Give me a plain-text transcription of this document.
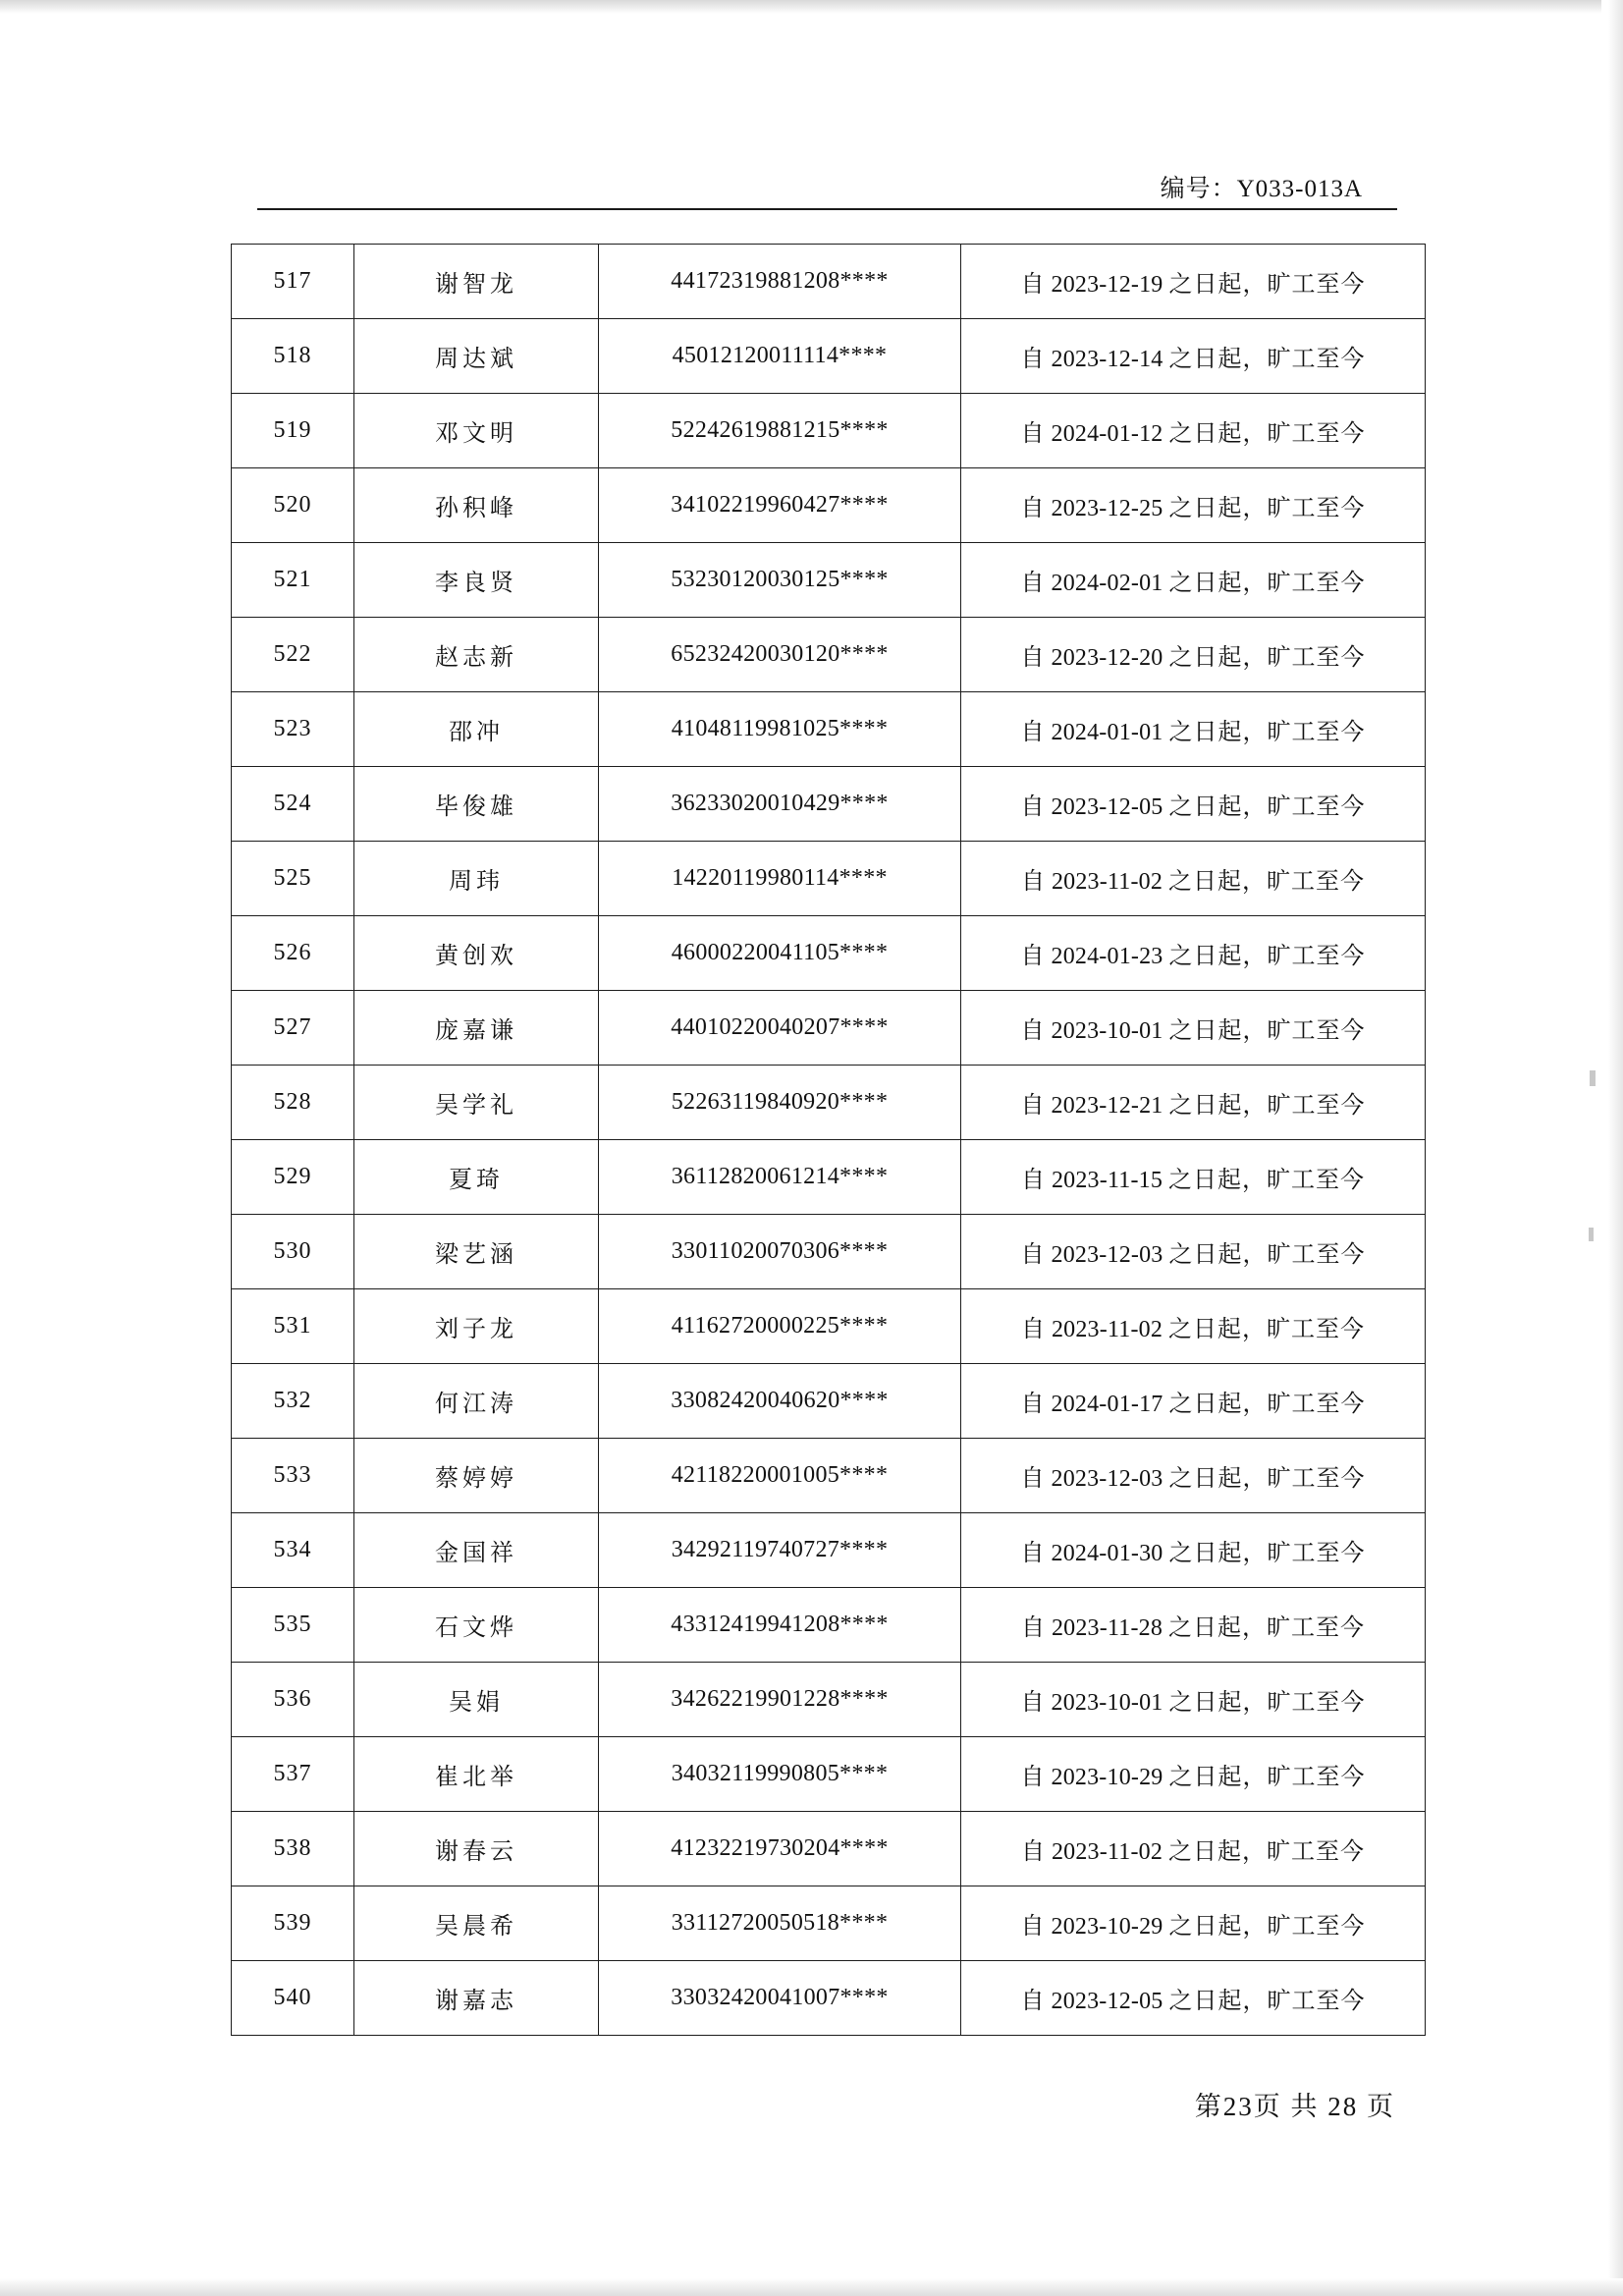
编号：Y033-013A
517	谢智龙	44172319881208****	自 2023-12-19 之日起，旷工至今
518	周达斌	45012120011114****	自 2023-12-14 之日起，旷工至今
519	邓文明	52242619881215****	自 2024-01-12 之日起，旷工至今
520	孙积峰	34102219960427****	自 2023-12-25 之日起，旷工至今
521	李良贤	53230120030125****	自 2024-02-01 之日起，旷工至今
522	赵志新	65232420030120****	自 2023-12-20 之日起，旷工至今
523	邵冲	41048119981025****	自 2024-01-01 之日起，旷工至今
524	毕俊雄	36233020010429****	自 2023-12-05 之日起，旷工至今
525	周玮	14220119980114****	自 2023-11-02 之日起，旷工至今
526	黄创欢	46000220041105****	自 2024-01-23 之日起，旷工至今
527	庞嘉谦	44010220040207****	自 2023-10-01 之日起，旷工至今
528	吴学礼	52263119840920****	自 2023-12-21 之日起，旷工至今
529	夏琦	36112820061214****	自 2023-11-15 之日起，旷工至今
530	梁艺涵	33011020070306****	自 2023-12-03 之日起，旷工至今
531	刘子龙	41162720000225****	自 2023-11-02 之日起，旷工至今
532	何江涛	33082420040620****	自 2024-01-17 之日起，旷工至今
533	蔡婷婷	42118220001005****	自 2023-12-03 之日起，旷工至今
534	金国祥	34292119740727****	自 2024-01-30 之日起，旷工至今
535	石文烨	43312419941208****	自 2023-11-28 之日起，旷工至今
536	吴娟	34262219901228****	自 2023-10-01 之日起，旷工至今
537	崔北举	34032119990805****	自 2023-10-29 之日起，旷工至今
538	谢春云	41232219730204****	自 2023-11-02 之日起，旷工至今
539	吴晨希	33112720050518****	自 2023-10-29 之日起，旷工至今
540	谢嘉志	33032420041007****	自 2023-12-05 之日起，旷工至今
第23页 共 28 页
